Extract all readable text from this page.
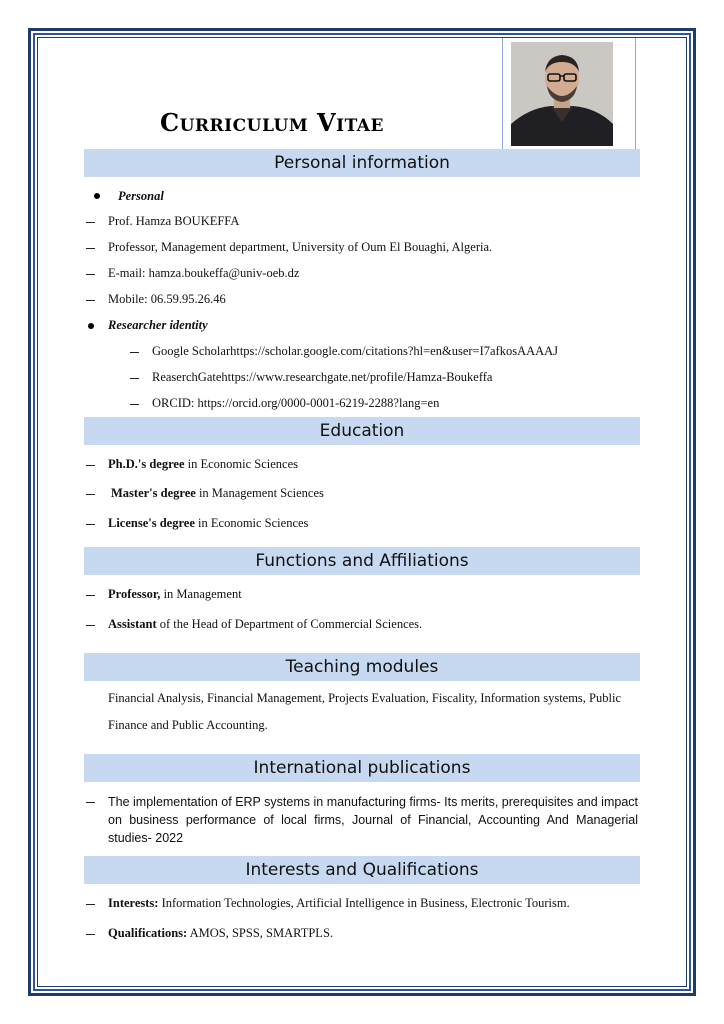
Curriculum Vitae
Personal information
Personal
Prof. Hamza BOUKEFFA
Professor, Management department, University of Oum El Bouaghi, Algeria.
E-mail: hamza.boukeffa@univ-oeb.dz
Mobile: 06.59.95.26.46
Researcher identity
Google Scholarhttps://scholar.google.com/citations?hl=en&user=I7afkosAAAAJ
ReaserchGatehttps://www.researchgate.net/profile/Hamza-Boukeffa
ORCID: https://orcid.org/0000-0001-6219-2288?lang=en
Education
Ph.D.'s degree in Economic Sciences
Master's degree in Management Sciences
License's degree in Economic Sciences
Functions and Affiliations
Professor, in Management
Assistant of the Head of Department of Commercial Sciences.
Teaching modules
Financial Analysis, Financial Management, Projects Evaluation, Fiscality, Information systems, Public
Finance and Public Accounting.
International publications
The implementation of ERP systems in manufacturing firms- Its merits, prerequisites and impact on business performance of local firms, Journal of Financial, Accounting And Managerial studies- 2022
Interests and Qualifications
Interests: Information Technologies, Artificial Intelligence in Business, Electronic Tourism.
Qualifications: AMOS, SPSS, SMARTPLS.
